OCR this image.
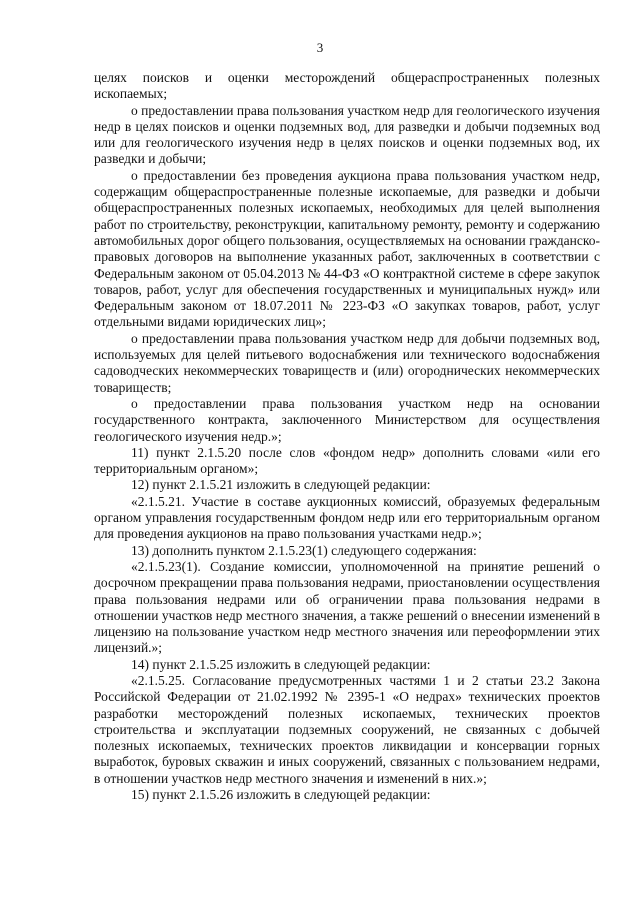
3

целях поисков и оценки месторождений общераспространенных полезных ископаемых;

о предоставлении права пользования участком недр для геологического изучения недр в целях поисков и оценки подземных вод, для разведки и добычи подземных вод или для геологического изучения недр в целях поисков и оценки подземных вод, их разведки и добычи;

о предоставлении без проведения аукциона права пользования участком недр, содержащим общераспространенные полезные ископаемые, для разведки и добычи общераспространенных полезных ископаемых, необходимых для целей выполнения работ по строительству, реконструкции, капитальному ремонту, ремонту и содержанию автомобильных дорог общего пользования, осуществляемых на основании гражданско-правовых договоров на выполнение указанных работ, заключенных в соответствии с Федеральным законом от 05.04.2013 № 44-ФЗ «О контрактной системе в сфере закупок товаров, работ, услуг для обеспечения государственных и муниципальных нужд» или Федеральным законом от 18.07.2011 № 223-ФЗ «О закупках товаров, работ, услуг отдельными видами юридических лиц»;

о предоставлении права пользования участком недр для добычи подземных вод, используемых для целей питьевого водоснабжения или технического водоснабжения садоводческих некоммерческих товариществ и (или) огороднических некоммерческих товариществ;

о предоставлении права пользования участком недр на основании государственного контракта, заключенного Министерством для осуществления геологического изучения недр.»;

11) пункт 2.1.5.20 после слов «фондом недр» дополнить словами «или его территориальным органом»;

12) пункт 2.1.5.21 изложить в следующей редакции:

«2.1.5.21. Участие в составе аукционных комиссий, образуемых федеральным органом управления государственным фондом недр или его территориальным органом для проведения аукционов на право пользования участками недр.»;

13) дополнить пунктом 2.1.5.23(1) следующего содержания:

«2.1.5.23(1). Создание комиссии, уполномоченной на принятие решений о досрочном прекращении права пользования недрами, приостановлении осуществления права пользования недрами или об ограничении права пользования недрами в отношении участков недр местного значения, а также решений о внесении изменений в лицензию на пользование участком недр местного значения или переоформлении этих лицензий.»;

14) пункт 2.1.5.25 изложить в следующей редакции:

«2.1.5.25. Согласование предусмотренных частями 1 и 2 статьи 23.2 Закона Российской Федерации от 21.02.1992 № 2395-1 «О недрах» технических проектов разработки месторождений полезных ископаемых, технических проектов строительства и эксплуатации подземных сооружений, не связанных с добычей полезных ископаемых, технических проектов ликвидации и консервации горных выработок, буровых скважин и иных сооружений, связанных с пользованием недрами, в отношении участков недр местного значения и изменений в них.»;

15) пункт 2.1.5.26 изложить в следующей редакции:
